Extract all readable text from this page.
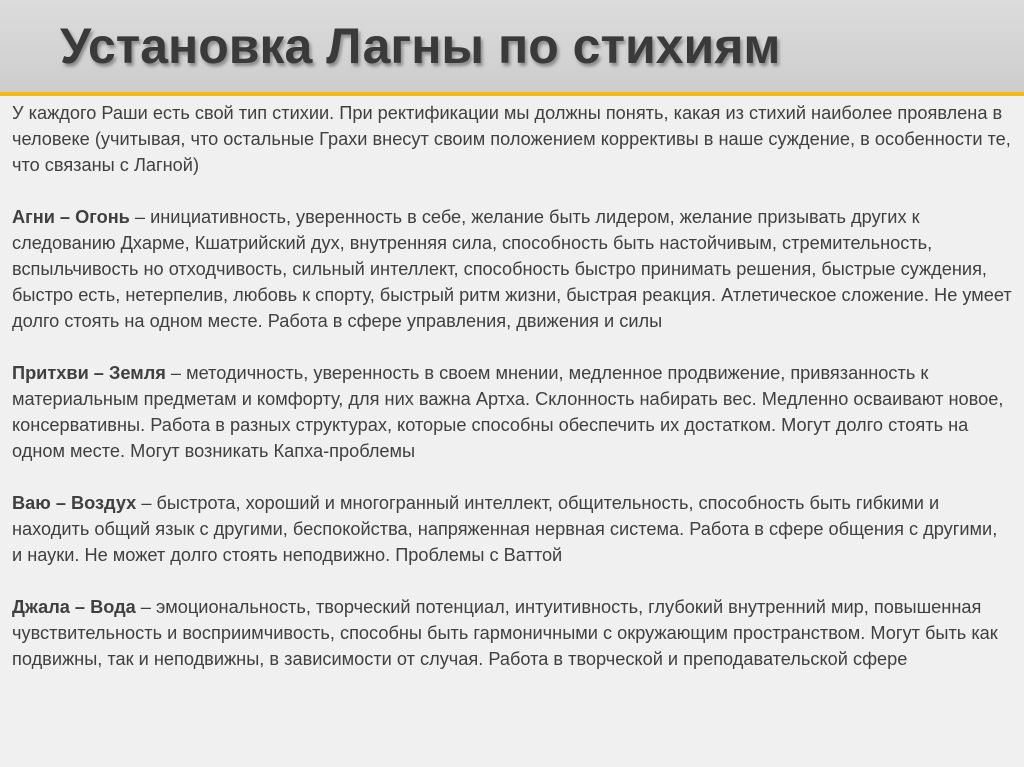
Установка Лагны по стихиям

У каждого Раши есть свой тип стихии. При ректификации мы должны понять, какая из стихий наиболее проявлена в человеке (учитывая, что остальные Грахи внесут своим положением коррективы в наше суждение, в особенности те, что связаны с Лагной)

Агни – Огонь – инициативность, уверенность в себе, желание быть лидером, желание призывать других к следованию Дхарме, Кшатрийский дух, внутренняя сила, способность быть настойчивым, стремительность, вспыльчивость но отходчивость, сильный интеллект, способность быстро принимать решения, быстрые суждения, быстро есть, нетерпелив, любовь к спорту, быстрый ритм жизни, быстрая реакция. Атлетическое сложение. Не умеет долго стоять на одном месте. Работа в сфере управления, движения и силы

Притхви – Земля – методичность, уверенность в своем мнении, медленное продвижение, привязанность к материальным предметам и комфорту, для них важна Артха. Склонность набирать вес. Медленно осваивают новое, консервативны. Работа в разных структурах, которые способны обеспечить их достатком. Могут долго стоять на одном месте. Могут возникать Капха-проблемы

Ваю – Воздух – быстрота, хороший и многогранный интеллект, общительность, способность быть гибкими и находить общий язык с другими, беспокойства, напряженная нервная система. Работа в сфере общения с другими, и науки. Не может долго стоять неподвижно. Проблемы с Ваттой

Джала – Вода – эмоциональность, творческий потенциал, интуитивность, глубокий внутренний мир, повышенная чувствительность и восприимчивость, способны быть гармоничными с окружающим пространством. Могут быть как подвижны, так и неподвижны, в зависимости от случая. Работа в творческой и преподавательской сфере
